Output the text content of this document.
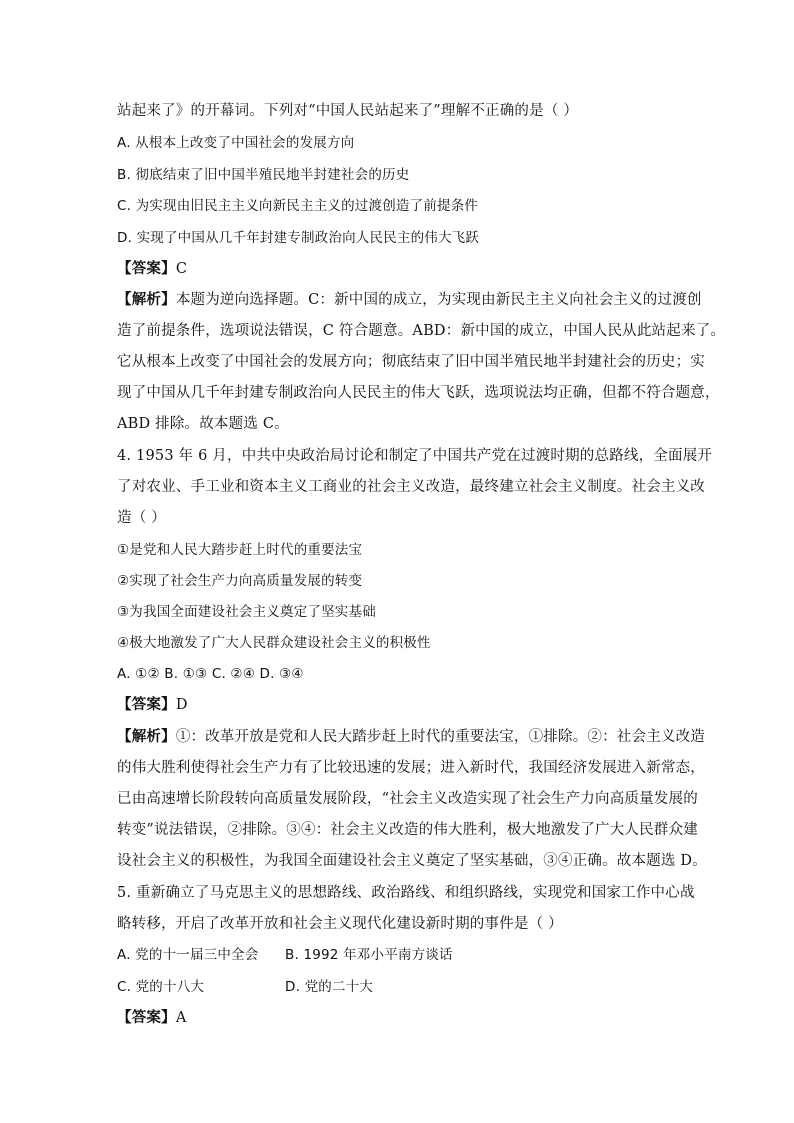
站起来了》的开幕词。下列对“中国人民站起来了”理解不正确的是（ ）
A. 从根本上改变了中国社会的发展方向
B. 彻底结束了旧中国半殖民地半封建社会的历史
C. 为实现由旧民主主义向新民主主义的过渡创造了前提条件
D. 实现了中国从几千年封建专制政治向人民民主的伟大飞跃
【答案】C
【解析】本题为逆向选择题。C：新中国的成立，为实现由新民主主义向社会主义的过渡创
造了前提条件，选项说法错误，C 符合题意。ABD：新中国的成立，中国人民从此站起来了。
它从根本上改变了中国社会的发展方向；彻底结束了旧中国半殖民地半封建社会的历史；实
现了中国从几千年封建专制政治向人民民主的伟大飞跃，选项说法均正确，但都不符合题意，
ABD 排除。故本题选 C。
4. 1953 年 6 月，中共中央政治局讨论和制定了中国共产党在过渡时期的总路线，全面展开
了对农业、手工业和资本主义工商业的社会主义改造，最终建立社会主义制度。社会主义改
造（ ）
①是党和人民大踏步赶上时代的重要法宝
②实现了社会生产力向高质量发展的转变
③为我国全面建设社会主义奠定了坚实基础
④极大地激发了广大人民群众建设社会主义的积极性
A. ①② B. ①③ C. ②④ D. ③④
【答案】D
【解析】①：改革开放是党和人民大踏步赶上时代的重要法宝，①排除。②：社会主义改造
的伟大胜利使得社会生产力有了比较迅速的发展；进入新时代，我国经济发展进入新常态，
已由高速增长阶段转向高质量发展阶段，“社会主义改造实现了社会生产力向高质量发展的
转变”说法错误，②排除。③④：社会主义改造的伟大胜利，极大地激发了广大人民群众建
设社会主义的积极性，为我国全面建设社会主义奠定了坚实基础，③④正确。故本题选 D。
5. 重新确立了马克思主义的思想路线、政治路线、和组织路线，实现党和国家工作中心战
略转移，开启了改革开放和社会主义现代化建设新时期的事件是（ ）
A. 党的十一届三中全会 B. 1992 年邓小平南方谈话
C. 党的十八大	D. 党的二十大
【答案】A
